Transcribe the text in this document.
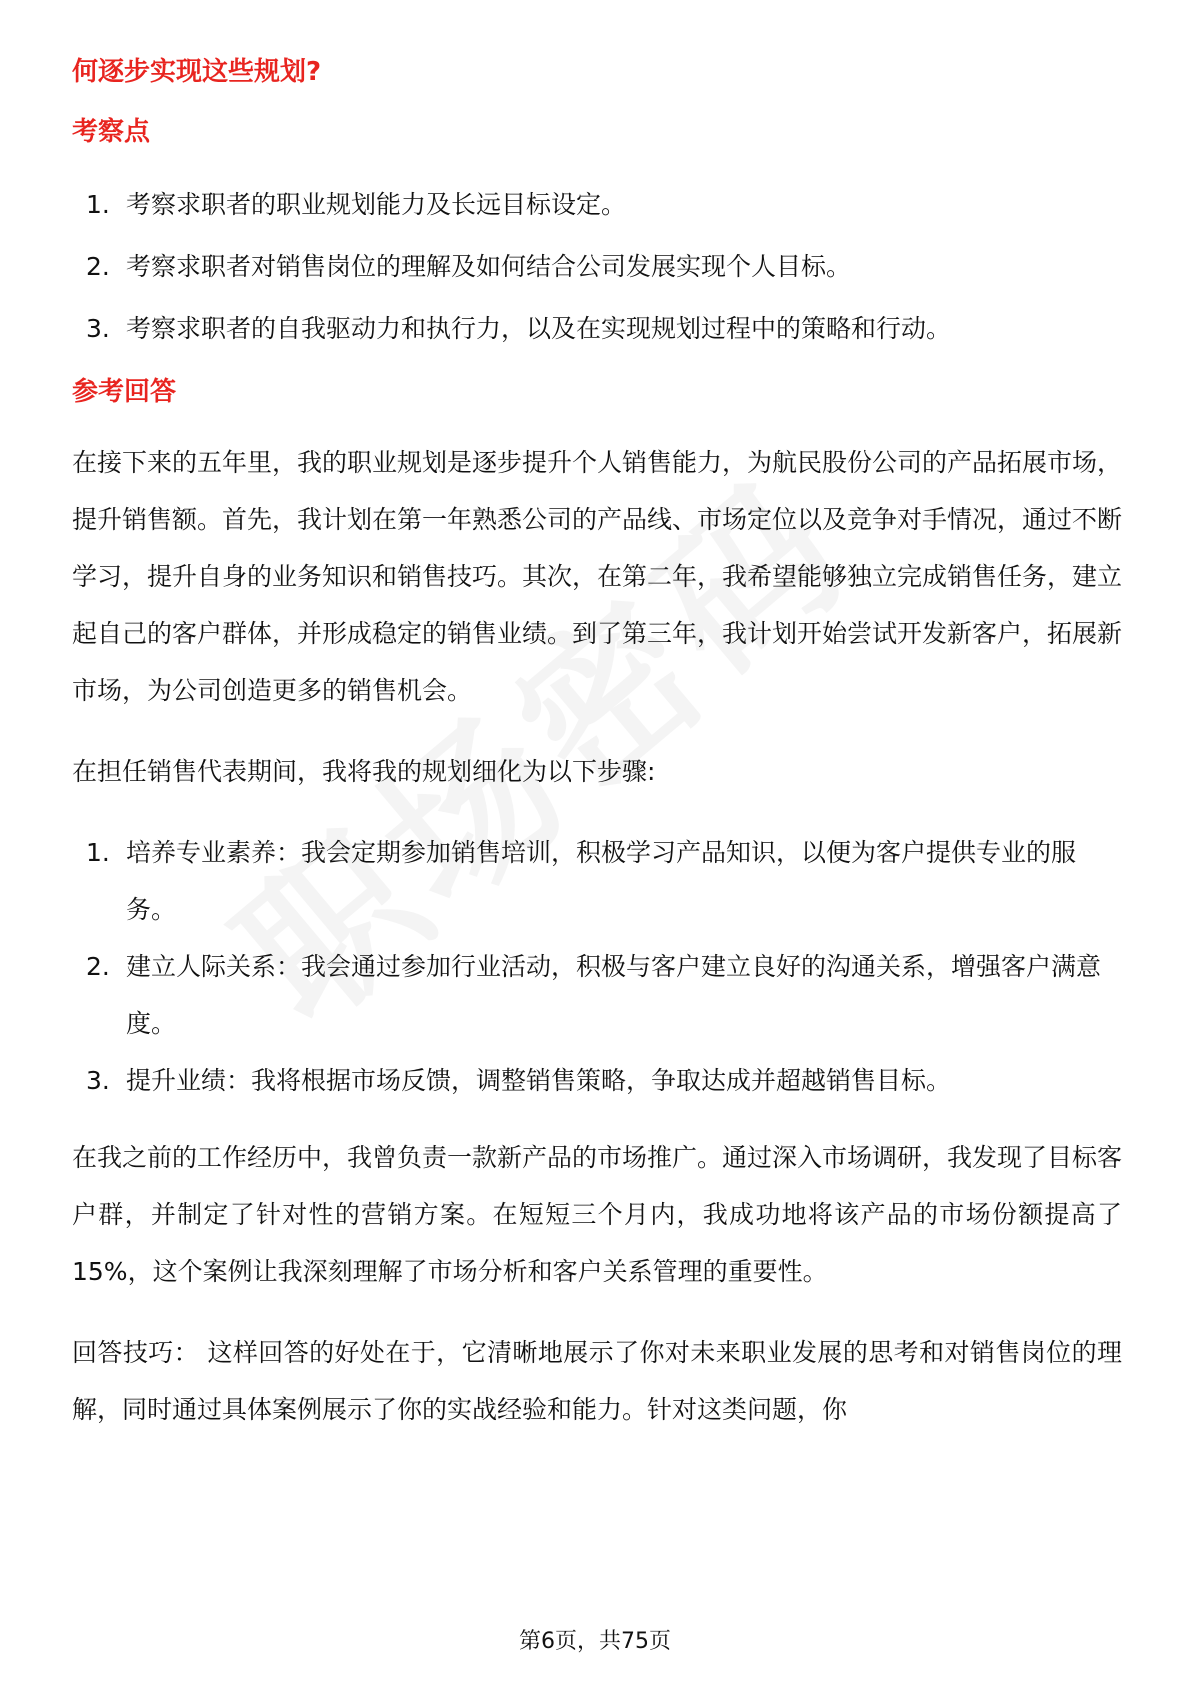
何逐步实现这些规划?
考察点
1. 考察求职者的职业规划能力及长远目标设定。
2. 考察求职者对销售岗位的理解及如何结合公司发展实现个人目标。
3. 考察求职者的自我驱动力和执行力，以及在实现规划过程中的策略和行动。
参考回答

在接下来的五年里，我的职业规划是逐步提升个人销售能力，为航民股份公司的产品拓展市场，提升销售额。首先，我计划在第一年熟悉公司的产品线、市场定位以及竞争对手情况，通过不断学习，提升自身的业务知识和销售技巧。其次，在第二年，我希望能够独立完成销售任务，建立起自己的客户群体，并形成稳定的销售业绩。到了第三年，我计划开始尝试开发新客户，拓展新市场，为公司创造更多的销售机会。

在担任销售代表期间，我将我的规划细化为以下步骤:

1. 培养专业素养：我会定期参加销售培训，积极学习产品知识，以便为客户提供专业的服务。
2. 建立人际关系：我会通过参加行业活动，积极与客户建立良好的沟通关系，增强客户满意度。
3. 提升业绩：我将根据市场反馈，调整销售策略，争取达成并超越销售目标。

在我之前的工作经历中，我曾负责一款新产品的市场推广。通过深入市场调研，我发现了目标客户群，并制定了针对性的营销方案。在短短三个月内，我成功地将该产品的市场份额提高了15%，这个案例让我深刻理解了市场分析和客户关系管理的重要性。

回答技巧： 这样回答的好处在于，它清晰地展示了你对未来职业发展的思考和对销售岗位的理解，同时通过具体案例展示了你的实战经验和能力。针对这类问题，你

第6页，共75页
